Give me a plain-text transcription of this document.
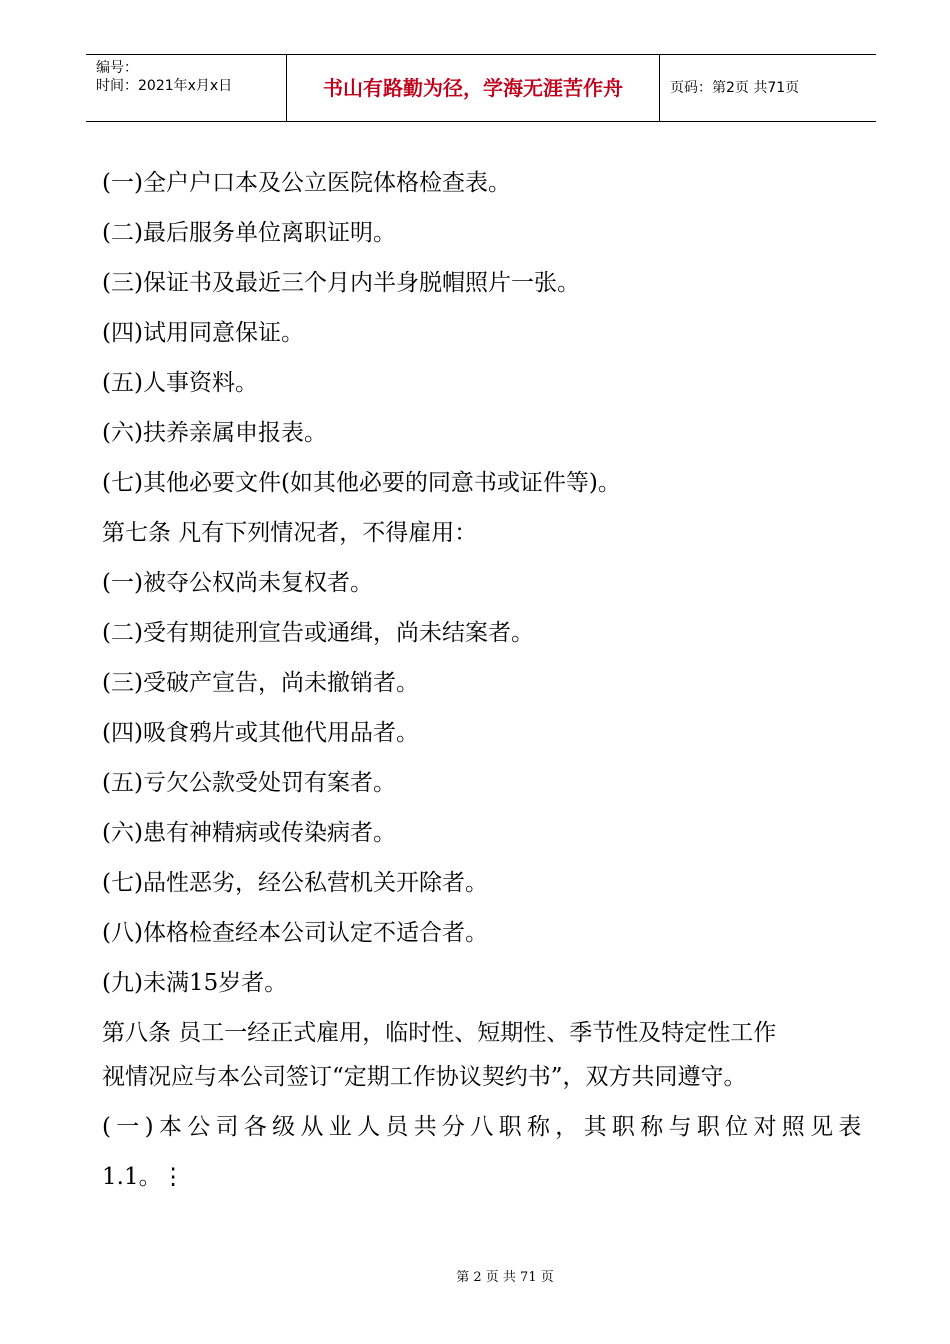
编号：
时间：2021年x月x日	书山有路勤为径，学海无涯苦作舟	页码：第2页 共71页
(一)全户户口本及公立医院体格检查表。
(二)最后服务单位离职证明。
(三)保证书及最近三个月内半身脱帽照片一张。
(四)试用同意保证。
(五)人事资料。
(六)扶养亲属申报表。
(七)其他必要文件(如其他必要的同意书或证件等)。
第七条 凡有下列情况者，不得雇用：
(一)被夺公权尚未复权者。
(二)受有期徒刑宣告或通缉，尚未结案者。
(三)受破产宣告，尚未撤销者。
(四)吸食鸦片或其他代用品者。
(五)亏欠公款受处罚有案者。
(六)患有神精病或传染病者。
(七)品性恶劣，经公私营机关开除者。
(八)体格检查经本公司认定不适合者。
(九)未满15岁者。
第八条 员工一经正式雇用，临时性、短期性、季节性及特定性工作
视情况应与本公司签订“定期工作协议契约书”，双方共同遵守。
(一)本公司各级从业人员共分八职称，其职称与职位对照见表
1.1。⋮
第 2 页 共 71 页
